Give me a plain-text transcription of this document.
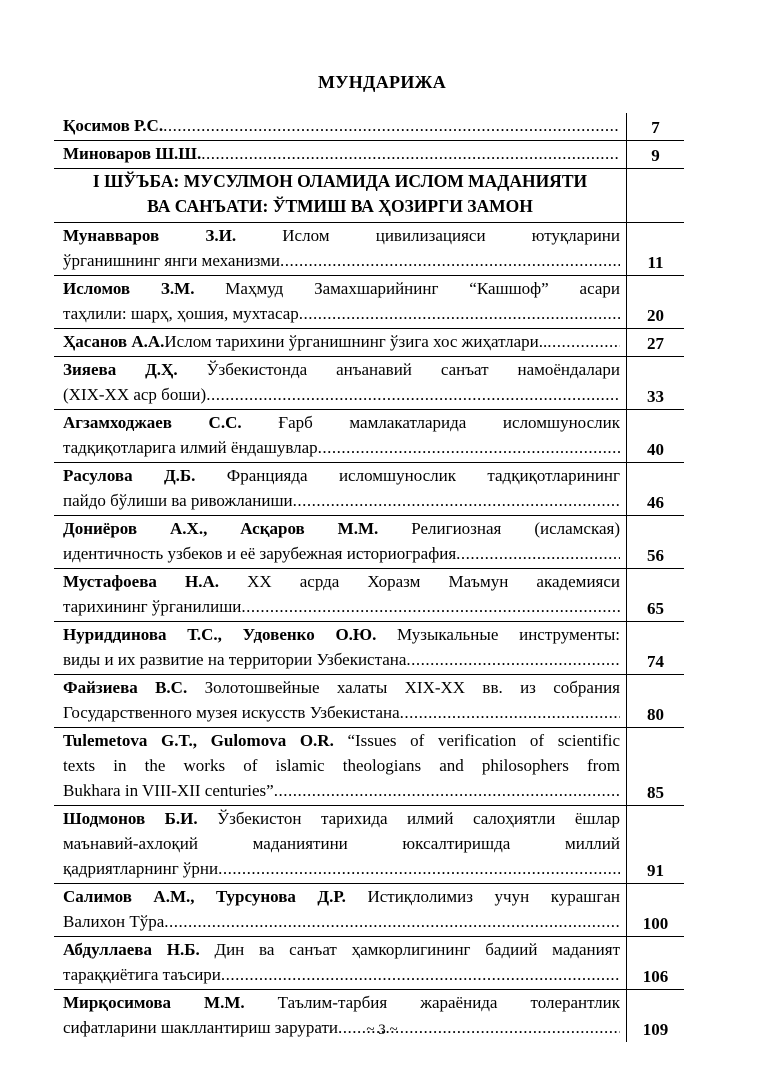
МУНДАРИЖА
Қосимов Р.С. .....	7
Миноваров Ш.Ш. .....	9
I ШЎЪБА: МУСУЛМОН ОЛАМИДА ИСЛОМ МАДАНИЯТИ
ВА САНЪАТИ: ЎТМИШ ВА ҲОЗИРГИ ЗАМОН
Мунавваров З.И. Ислом цивилизацияси ютуқларини
ўрганишнинг янги механизми .....	11
Исломов З.М. Маҳмуд Замахшарийнинг “Кашшоф” асари
таҳлили: шарҳ, ҳошия, мухтасар .....	20
Ҳасанов А.А. Ислом тарихини ўрганишнинг ўзига хос жиҳатлари.. .....	27
Зияева Д.Ҳ. Ўзбекистонда анъанавий санъат намоёндалари
(ХIХ-ХХ аср боши) .....	33
Агзамходжаев С.С. Ғарб мамлакатларида исломшунослик
тадқиқотларига илмий ёндашувлар .....	40
Расулова Д.Б. Францияда исломшунослик тадқиқотларининг
пайдо бўлиши ва ривожланиши .....	46
Дониёров А.Х., Асқаров М.М. Религиозная (исламская)
идентичность узбеков и её зарубежная историография .....	56
Мустафоева Н.А. ХХ асрда Хоразм Маъмун академияси
тарихининг ўрганилиши .....	65
Нуриддинова Т.С., Удовенко О.Ю. Музыкальные инструменты:
виды и их развитие на территории Узбекистана .....	74
Файзиева В.С. Золотошвейные халаты ХIХ-ХХ вв. из собрания
Государственного музея искусств Узбекистана .....	80
Tulemetova G.T., Gulomova O.R. “Issues of verification of scientific
texts in the works of islamic theologians and philosophers from
Bukhara in VIII-XII centuries” .....	85
Шодмонов Б.И. Ўзбекистон тарихида илмий салоҳиятли ёшлар
маънавий-ахлоқий маданиятини юксалтиришда миллий
қадриятларнинг ўрни .....	91
Салимов А.М., Турсунова Д.Р. Истиқлолимиз учун курашган
Валихон Тўра .....	100
Абдуллаева Н.Б. Дин ва санъат ҳамкорлигининг бадиий маданият
тараққиётига таъсири .....	106
Мирқосимова М.М. Таълим-тарбия жараёнида толерантлик
сифатларини шакллантириш зарурати .....	109
~ 3 ~
